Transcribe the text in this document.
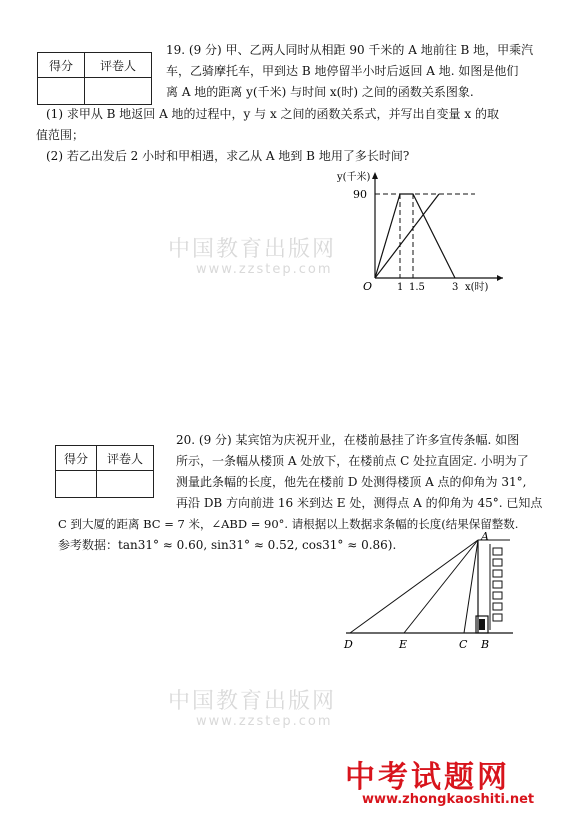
中国教育出版网
www.zzstep.com
中国教育出版网
www.zzstep.com
得分	评卷人

19. (9 分) 甲、乙两人同时从相距 90 千米的 A 地前往 B 地，甲乘汽
车，乙骑摩托车，甲到达 B 地停留半小时后返回 A 地. 如图是他们
离 A 地的距离 y(千米) 与时间 x(时) 之间的函数关系图象.
(1) 求甲从 B 地返回 A 地的过程中，y 与 x 之间的函数关系式，并写出自变量 x 的取
值范围；
(2) 若乙出发后 2 小时和甲相遇，求乙从 A 地到 B 地用了多长时间?
y(千米)
90
O 1 1.5	3 x(时)
得分	评卷人

20. (9 分) 某宾馆为庆祝开业，在楼前悬挂了许多宣传条幅. 如图
所示，一条幅从楼顶 A 处放下，在楼前点 C 处拉直固定. 小明为了
测量此条幅的长度，他先在楼前 D 处测得楼顶 A 点的仰角为 31°,
再沿 DB 方向前进 16 米到达 E 处，测得点 A 的仰角为 45°. 已知点
C 到大厦的距离 BC = 7 米，∠ABD = 90°. 请根据以上数据求条幅的长度(结果保留整数.
参考数据：tan31° ≈ 0.60, sin31° ≈ 0.52, cos31° ≈ 0.86).
A
D	E	C B
中考试题网
www.zhongkaoshiti.net
